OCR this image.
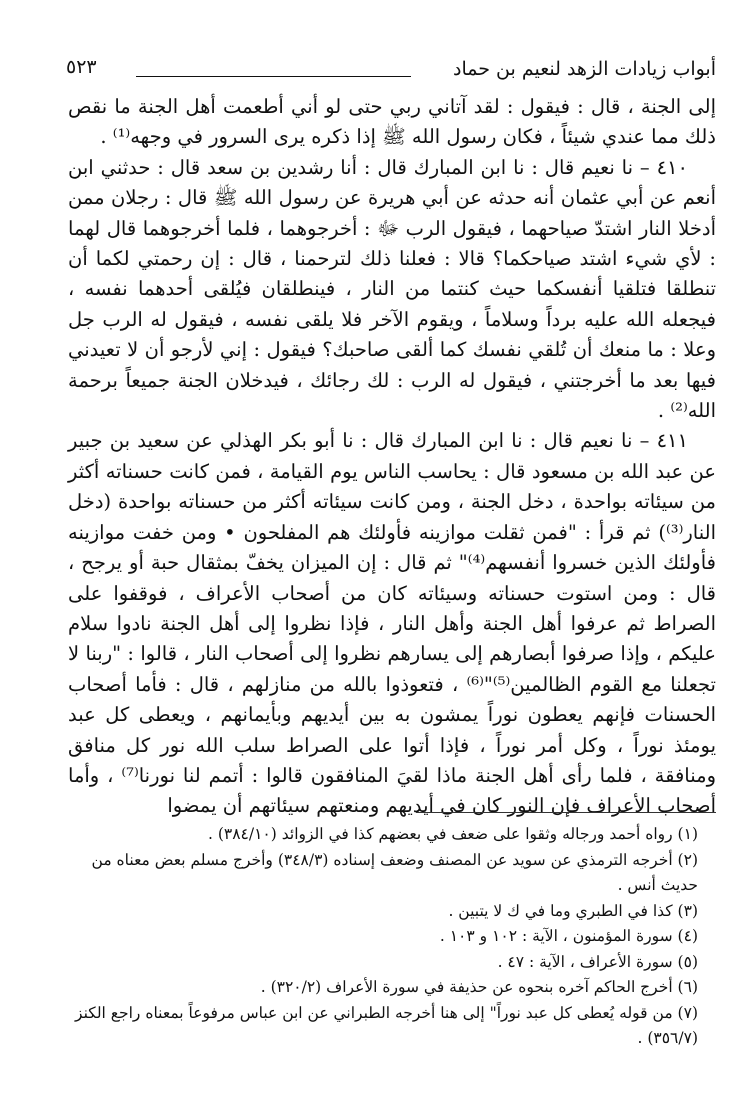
أبواب زيادات الزهد لنعيم بن حماد
٥٢٣

إلى الجنة ، قال : فيقول : لقد آتاني ربي حتى لو أني أطعمت أهل الجنة ما نقص ذلك مما عندي شيئاً ، فكان رسول الله ﷺ إذا ذكره يرى السرور في وجهه⁽¹⁾ .

٤١٠ – نا نعيم قال : نا ابن المبارك قال : أنا رشدين بن سعد قال : حدثني ابن أنعم عن أبي عثمان أنه حدثه عن أبي هريرة عن رسول الله ﷺ قال : رجلان ممن أدخلا النار اشتدّ صياحهما ، فيقول الرب ﷻ : أخرجوهما ، فلما أخرجوهما قال لهما : لأي شيء اشتد صياحكما؟ قالا : فعلنا ذلك لترحمنا ، قال : إن رحمتي لكما أن تنطلقا فتلقيا أنفسكما حيث كنتما من النار ، فينطلقان فيُلقى أحدهما نفسه ، فيجعله الله عليه برداً وسلاماً ، ويقوم الآخر فلا يلقى نفسه ، فيقول له الرب جل وعلا : ما منعك أن تُلقي نفسك كما ألقى صاحبك؟ فيقول : إني لأرجو أن لا تعيدني فيها بعد ما أخرجتني ، فيقول له الرب : لك رجائك ، فيدخلان الجنة جميعاً برحمة الله⁽²⁾ .

٤١١ – نا نعيم قال : نا ابن المبارك قال : نا أبو بكر الهذلي عن سعيد بن جبير عن عبد الله بن مسعود قال : يحاسب الناس يوم القيامة ، فمن كانت حسناته أكثر من سيئاته بواحدة ، دخل الجنة ، ومن كانت سيئاته أكثر من حسناته بواحدة (دخل النار⁽³⁾) ثم قرأ : "فمن ثقلت موازينه فأولئك هم المفلحون • ومن خفت موازينه فأولئك الذين خسروا أنفسهم⁽⁴⁾" ثم قال : إن الميزان يخفّ بمثقال حبة أو يرجح ، قال : ومن استوت حسناته وسيئاته كان من أصحاب الأعراف ، فوقفوا على الصراط ثم عرفوا أهل الجنة وأهل النار ، فإذا نظروا إلى أهل الجنة نادوا سلام عليكم ، وإذا صرفوا أبصارهم إلى يسارهم نظروا إلى أصحاب النار ، قالوا : "ربنا لا تجعلنا مع القوم الظالمين⁽⁵⁾"⁽⁶⁾ ، فتعوذوا بالله من منازلهم ، قال : فأما أصحاب الحسنات فإنهم يعطون نوراً يمشون به بين أيديهم وبأيمانهم ، ويعطى كل عبد يومئذ نوراً ، وكل أمر نوراً ، فإذا أتوا على الصراط سلب الله نور كل منافق ومنافقة ، فلما رأى أهل الجنة ماذا لقيَ المنافقون قالوا : أتمم لنا نورنا⁽⁷⁾ ، وأما أصحاب الأعراف فإن النور كان في أيديهم ومنعتهم سيئاتهم أن يمضوا

(١) رواه أحمد ورجاله وثقوا على ضعف في بعضهم كذا في الزوائد (٣٨٤/١٠) .

(٢) أخرجه الترمذي عن سويد عن المصنف وضعف إسناده (٣٤٨/٣) وأخرج مسلم بعض معناه من

حديث أنس .

(٣) كذا في الطبري وما في ك لا يتبين .

(٤) سورة المؤمنون ، الآية : ١٠٢ و ١٠٣ .

(٥) سورة الأعراف ، الآية : ٤٧ .

(٦) أخرج الحاكم آخره بنحوه عن حذيفة في سورة الأعراف (٣٢٠/٢) .

(٧) من قوله يُعطى كل عبد نوراً" إلى هنا أخرجه الطبراني عن ابن عباس مرفوعاً بمعناه راجع الكنز

(٣٥٦/٧) .
